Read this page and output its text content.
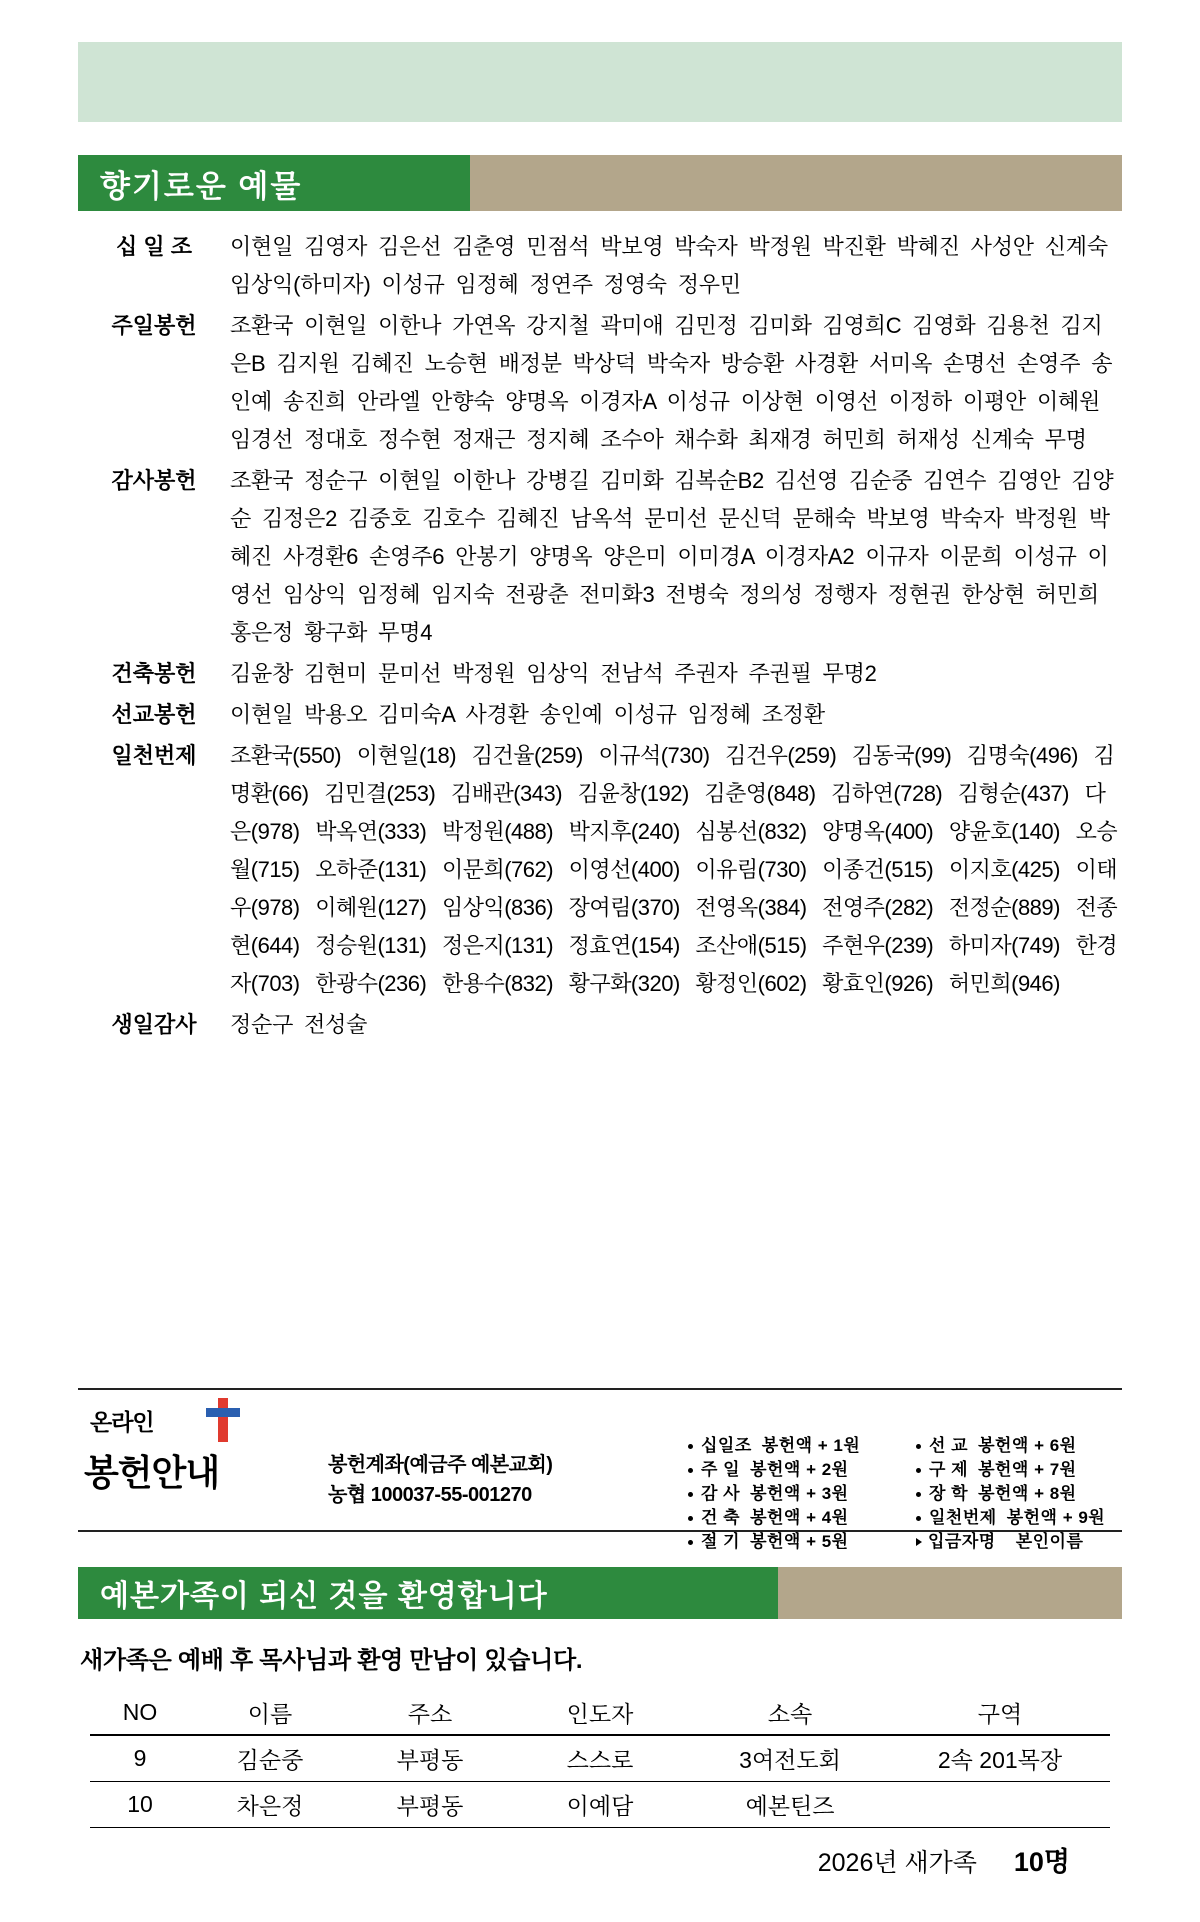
향기로운 예물
십 일 조	이현일 김영자 김은선 김춘영 민점석 박보영 박숙자 박정원 박진환 박혜진 사성안 신계숙 임상익(하미자) 이성규 임정혜 정연주 정영숙 정우민
주일봉헌	조환국 이현일 이한나 가연옥 강지철 곽미애 김민정 김미화 김영희C 김영화 김용천 김지은B 김지원 김혜진 노승현 배정분 박상덕 박숙자 방승환 사경환 서미옥 손명선 손영주 송인예 송진희 안라엘 안향숙 양명옥 이경자A 이성규 이상현 이영선 이정하 이평안 이혜원 임경선 정대호 정수현 정재근 정지혜 조수아 채수화 최재경 허민희 허재성 신계숙 무명
감사봉헌	조환국 정순구 이현일 이한나 강병길 김미화 김복순B2 김선영 김순중 김연수 김영안 김양순 김정은2 김중호 김호수 김혜진 남옥석 문미선 문신덕 문해숙 박보영 박숙자 박정원 박혜진 사경환6 손영주6 안봉기 양명옥 양은미 이미경A 이경자A2 이규자 이문희 이성규 이영선 임상익 임정혜 임지숙 전광춘 전미화3 전병숙 정의성 정행자 정현권 한상현 허민희 홍은정 황구화 무명4
건축봉헌	김윤창 김현미 문미선 박정원 임상익 전남석 주권자 주권필 무명2
선교봉헌	이현일 박용오 김미숙A 사경환 송인예 이성규 임정혜 조정환
일천번제	조환국(550) 이현일(18) 김건율(259) 이규석(730) 김건우(259) 김동국(99) 김명숙(496) 김명환(66) 김민결(253) 김배관(343) 김윤창(192) 김춘영(848) 김하연(728) 김형순(437) 다은(978) 박옥연(333) 박정원(488) 박지후(240) 심봉선(832) 양명옥(400) 양윤호(140) 오승월(715) 오하준(131) 이문희(762) 이영선(400) 이유림(730) 이종건(515) 이지호(425) 이태우(978) 이혜원(127) 임상익(836) 장여림(370) 전영옥(384) 전영주(282) 전정순(889) 전종현(644) 정승원(131) 정은지(131) 정효연(154) 조산애(515) 주현우(239) 하미자(749) 한경자(703) 한광수(236) 한용수(832) 황구화(320) 황정인(602) 황효인(926) 허민희(946)
생일감사	정순구 전성술
온라인
봉헌안내	봉헌계좌(예금주 예본교회)
농협 100037-55-001270
십일조 봉헌액 + 1원	선 교 봉헌액 + 6원
주 일 봉헌액 + 2원	구 제 봉헌액 + 7원
감 사 봉헌액 + 3원	장 학 봉헌액 + 8원
건 축 봉헌액 + 4원	일천번제 봉헌액 + 9원
절 기 봉헌액 + 5원	입금자명 본인이름
예본가족이 되신 것을 환영합니다
새가족은 예배 후 목사님과 환영 만남이 있습니다.
NO	이름	주소	인도자	소속	구역
9	김순중	부평동	스스로	3여전도회	2속 201목장
10	차은정	부평동	이예담	예본틴즈	
2026년 새가족 10명
